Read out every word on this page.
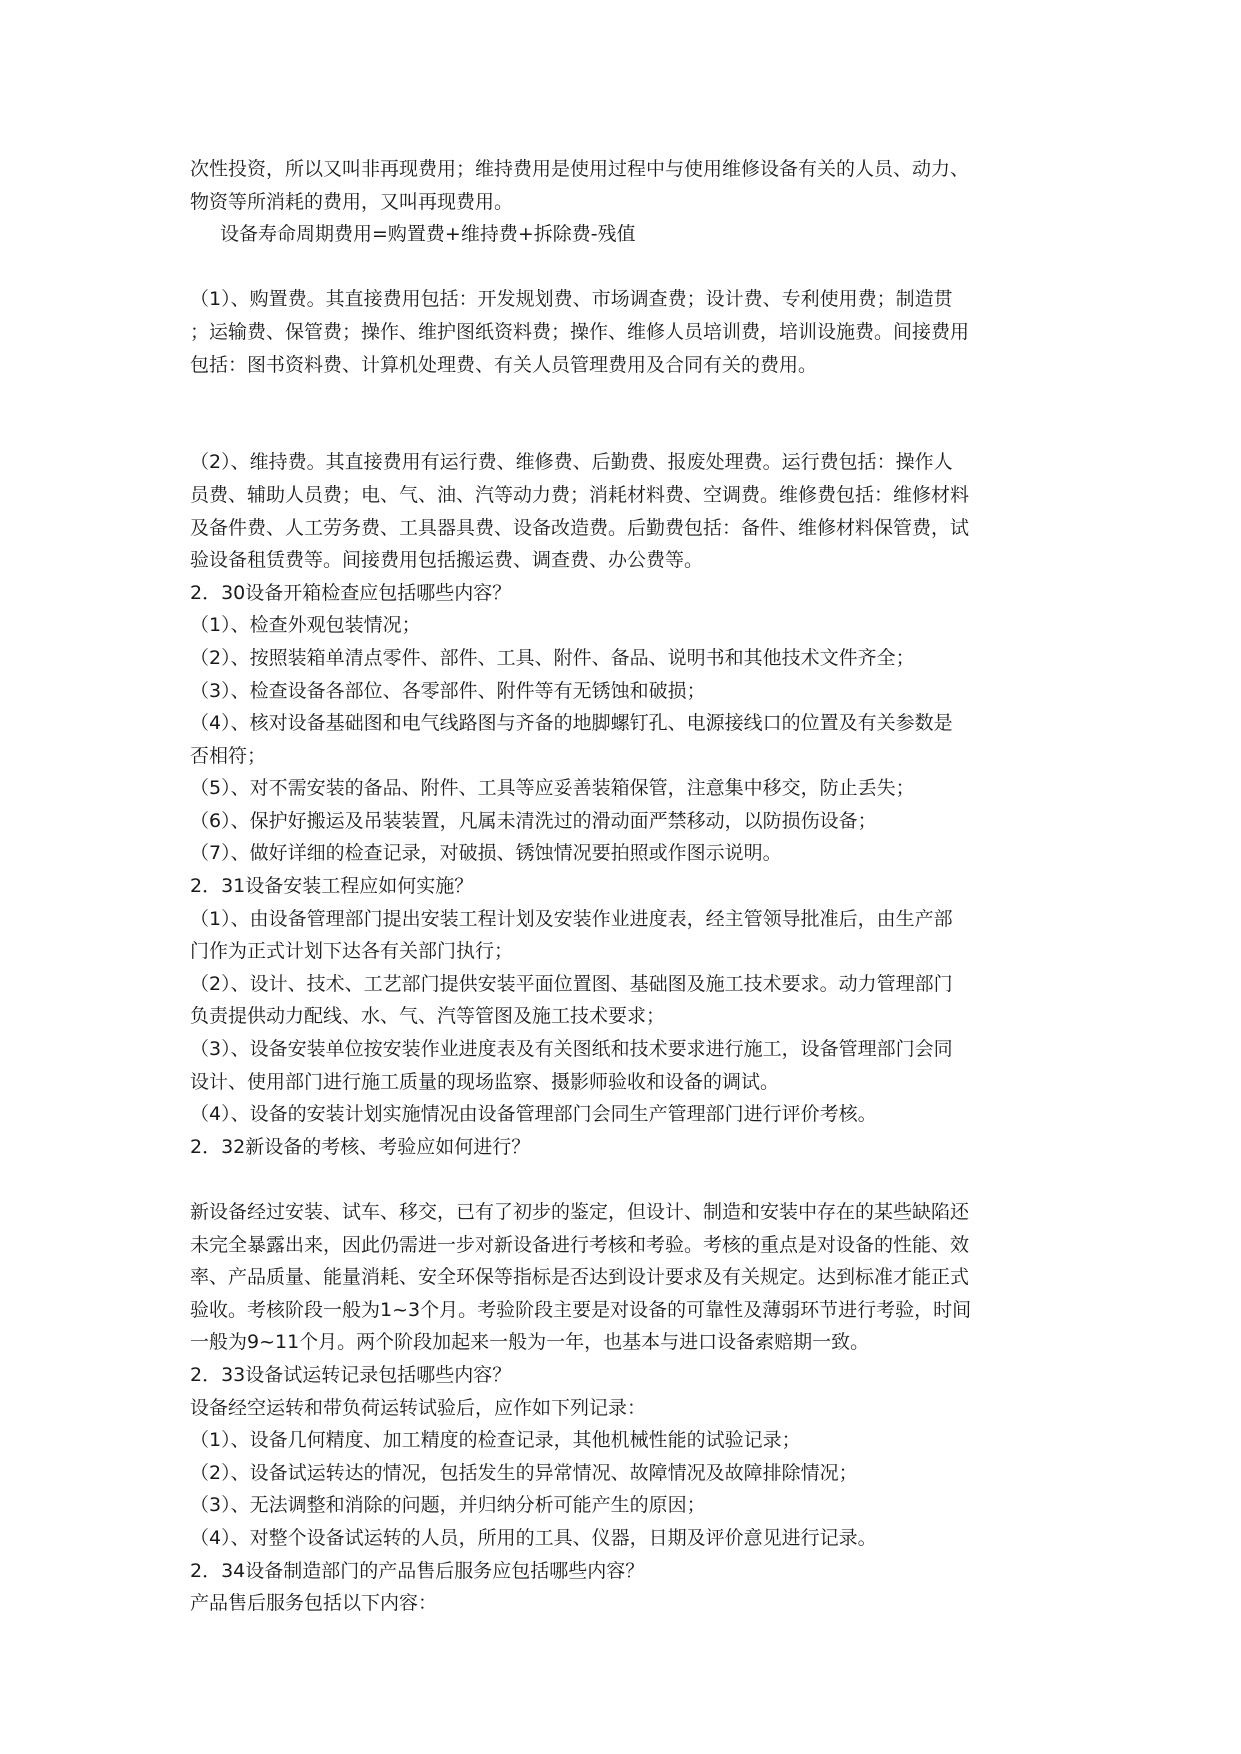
次性投资，所以又叫非再现费用；维持费用是使用过程中与使用维修设备有关的人员、动力、
物资等所消耗的费用，又叫再现费用。
设备寿命周期费用=购置费+维持费+拆除费-残值
（1）、购置费。其直接费用包括：开发规划费、市场调查费；设计费、专利使用费；制造贯
；运输费、保管费；操作、维护图纸资料费；操作、维修人员培训费，培训设施费。间接费用
包括：图书资料费、计算机处理费、有关人员管理费用及合同有关的费用。
（2）、维持费。其直接费用有运行费、维修费、后勤费、报废处理费。运行费包括：操作人
员费、辅助人员费；电、气、油、汽等动力费；消耗材料费、空调费。维修费包括：维修材料
及备件费、人工劳务费、工具器具费、设备改造费。后勤费包括：备件、维修材料保管费，试
验设备租赁费等。间接费用包括搬运费、调查费、办公费等。
2．30设备开箱检查应包括哪些内容？
（1）、检查外观包装情况；
（2）、按照装箱单清点零件、部件、工具、附件、备品、说明书和其他技术文件齐全；
（3）、检查设备各部位、各零部件、附件等有无锈蚀和破损；
（4）、核对设备基础图和电气线路图与齐备的地脚螺钉孔、电源接线口的位置及有关参数是
否相符；
（5）、对不需安装的备品、附件、工具等应妥善装箱保管，注意集中移交，防止丢失；
（6）、保护好搬运及吊装装置，凡属未清洗过的滑动面严禁移动，以防损伤设备；
（7）、做好详细的检查记录，对破损、锈蚀情况要拍照或作图示说明。
2．31设备安装工程应如何实施？
（1）、由设备管理部门提出安装工程计划及安装作业进度表，经主管领导批准后，由生产部
门作为正式计划下达各有关部门执行；
（2）、设计、技术、工艺部门提供安装平面位置图、基础图及施工技术要求。动力管理部门
负责提供动力配线、水、气、汽等管图及施工技术要求；
（3）、设备安装单位按安装作业进度表及有关图纸和技术要求进行施工，设备管理部门会同
设计、使用部门进行施工质量的现场监察、摄影师验收和设备的调试。
（4）、设备的安装计划实施情况由设备管理部门会同生产管理部门进行评价考核。
2．32新设备的考核、考验应如何进行？
新设备经过安装、试车、移交，已有了初步的鉴定，但设计、制造和安装中存在的某些缺陷还
未完全暴露出来，因此仍需进一步对新设备进行考核和考验。考核的重点是对设备的性能、效
率、产品质量、能量消耗、安全环保等指标是否达到设计要求及有关规定。达到标准才能正式
验收。考核阶段一般为1~3个月。考验阶段主要是对设备的可靠性及薄弱环节进行考验，时间
一般为9~11个月。两个阶段加起来一般为一年，也基本与进口设备索赔期一致。
2．33设备试运转记录包括哪些内容？
设备经空运转和带负荷运转试验后，应作如下列记录：
（1）、设备几何精度、加工精度的检查记录，其他机械性能的试验记录；
（2）、设备试运转达的情况，包括发生的异常情况、故障情况及故障排除情况；
（3）、无法调整和消除的问题，并归纳分析可能产生的原因；
（4）、对整个设备试运转的人员，所用的工具、仪器，日期及评价意见进行记录。
2．34设备制造部门的产品售后服务应包括哪些内容？
产品售后服务包括以下内容：
